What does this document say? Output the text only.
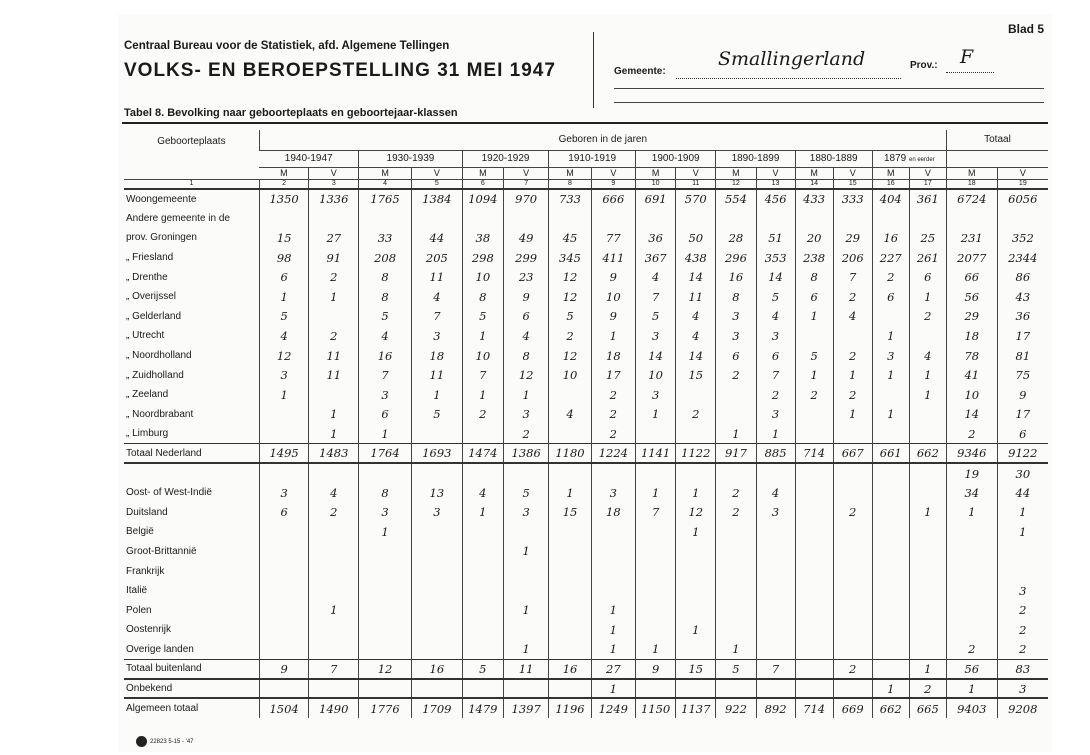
Blad 5
Centraal Bureau voor de Statistiek, afd. Algemene Tellingen
VOLKS- EN BEROEPSTELLING 31 MEI 1947	Gemeente:
Smallingerland	Prov.: F
Tabel 8. Bevolking naar geboorteplaats en geboortejaar-klassen
Geboorteplaats	Geboren in de jaren																Totaal	
	1940-1947		1930-1939		1920-1929		1910-1919		1900-1909		1890-1899		1880-1889		1879 en eerder			
	M	V	M	V	M	V	M	V	M	V	M	V	M	V	M	V	M	V
1	2	3	4	5	6	7	8	9	10	11	12	13	14	15	16	17	18	19
Woongemeente	1350	1336	1765	1384	1094	970	733	666	691	570	554	456	433	333	404	361	6724	6056
Andere gemeente in de																		
prov. Groningen	15	27	33	44	38	49	45	77	36	50	28	51	20	29	16	25	231	352
„ Friesland	98	91	208	205	298	299	345	411	367	438	296	353	238	206	227	261	2077	2344
„ Drenthe	6	2	8	11	10	23	12	9	4	14	16	14	8	7	2	6	66	86
„ Overijssel	1	1	8	4	8	9	12	10	7	11	8	5	6	2	6	1	56	43
„ Gelderland	5		5	7	5	6	5	9	5	4	3	4	1	4		2	29	36
„ Utrecht	4	2	4	3	1	4	2	1	3	4	3	3			1		18	17
„ Noordholland	12	11	16	18	10	8	12	18	14	14	6	6	5	2	3	4	78	81
„ Zuidholland	3	11	7	11	7	12	10	17	10	15	2	7	1	1	1	1	41	75
„ Zeeland	1		3	1	1	1		2	3			2	2	2		1	10	9
„ Noordbrabant		1	6	5	2	3	4	2	1	2		3		1	1		14	17
„ Limburg		1	1			2		2			1	1					2	6
Totaal Nederland	1495	1483	1764	1693	1474	1386	1180	1224	1141	1122	917	885	714	667	661	662	9346	9122
																	19	30
Oost- of West-Indië	3	4	8	13	4	5	1	3	1	1	2	4					34	44
Duitsland	6	2	3	3	1	3	15	18	7	12	2	3		2		1	1	1
België			1							1								1
Groot-Brittannië						1												
Frankrijk																		
Italië																		3
Polen		1				1		1										2
Oostenrijk								1		1								2
Overige landen						1		1	1		1						2	2
Totaal buitenland	9	7	12	16	5	11	16	27	9	15	5	7		2		1	56	83
Onbekend								1							1	2	1	3
Algemeen totaal	1504	1490	1776	1709	1479	1397	1196	1249	1150	1137	922	892	714	669	662	665	9403	9208
22823 5-15 - '47
